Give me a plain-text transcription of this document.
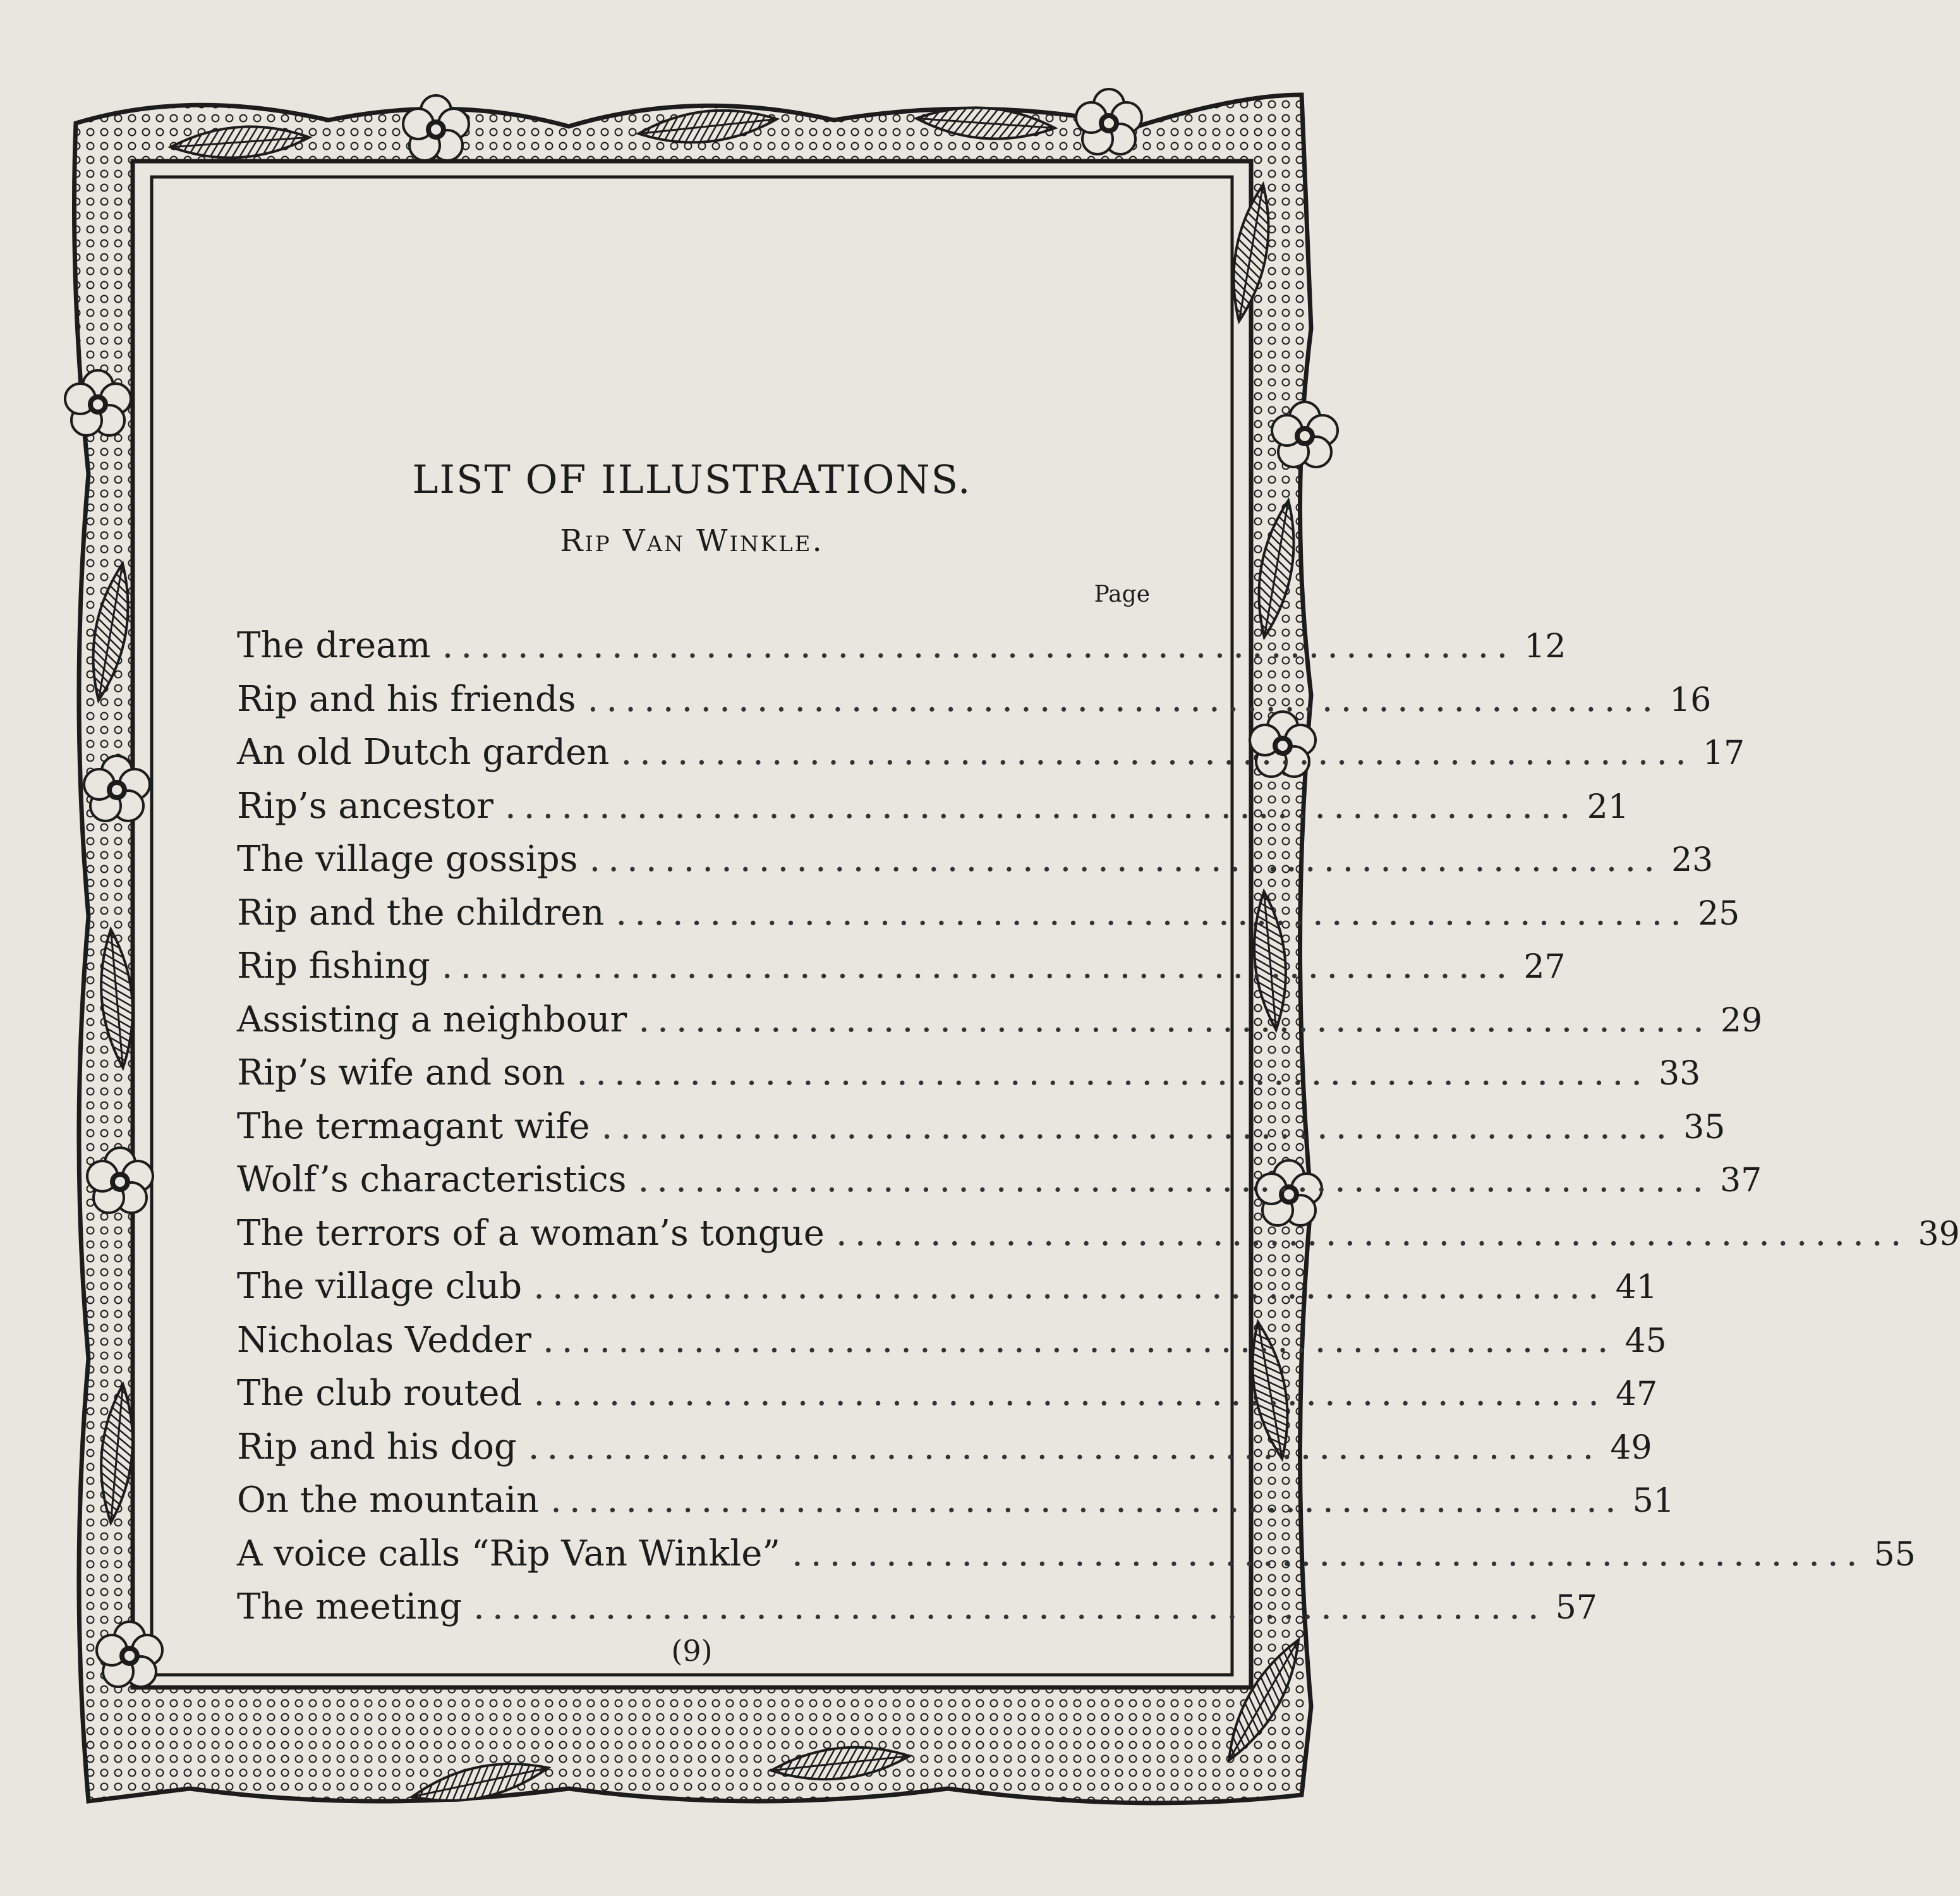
LIST OF ILLUSTRATIONS.
Rip Van Winkle.
Page
The dream ......................................................... 12
Rip and his friends ......................................................... 16
An old Dutch garden ......................................................... 17
Rip’s ancestor ......................................................... 21
The village gossips ......................................................... 23
Rip and the children ......................................................... 25
Rip fishing ......................................................... 27
Assisting a neighbour ......................................................... 29
Rip’s wife and son ......................................................... 33
The termagant wife ......................................................... 35
Wolf’s characteristics ......................................................... 37
The terrors of a woman’s tongue ......................................................... 39
The village club ......................................................... 41
Nicholas Vedder ......................................................... 45
The club routed ......................................................... 47
Rip and his dog ......................................................... 49
On the mountain ......................................................... 51
A voice calls “Rip Van Winkle” ......................................................... 55
The meeting ......................................................... 57
(9)
